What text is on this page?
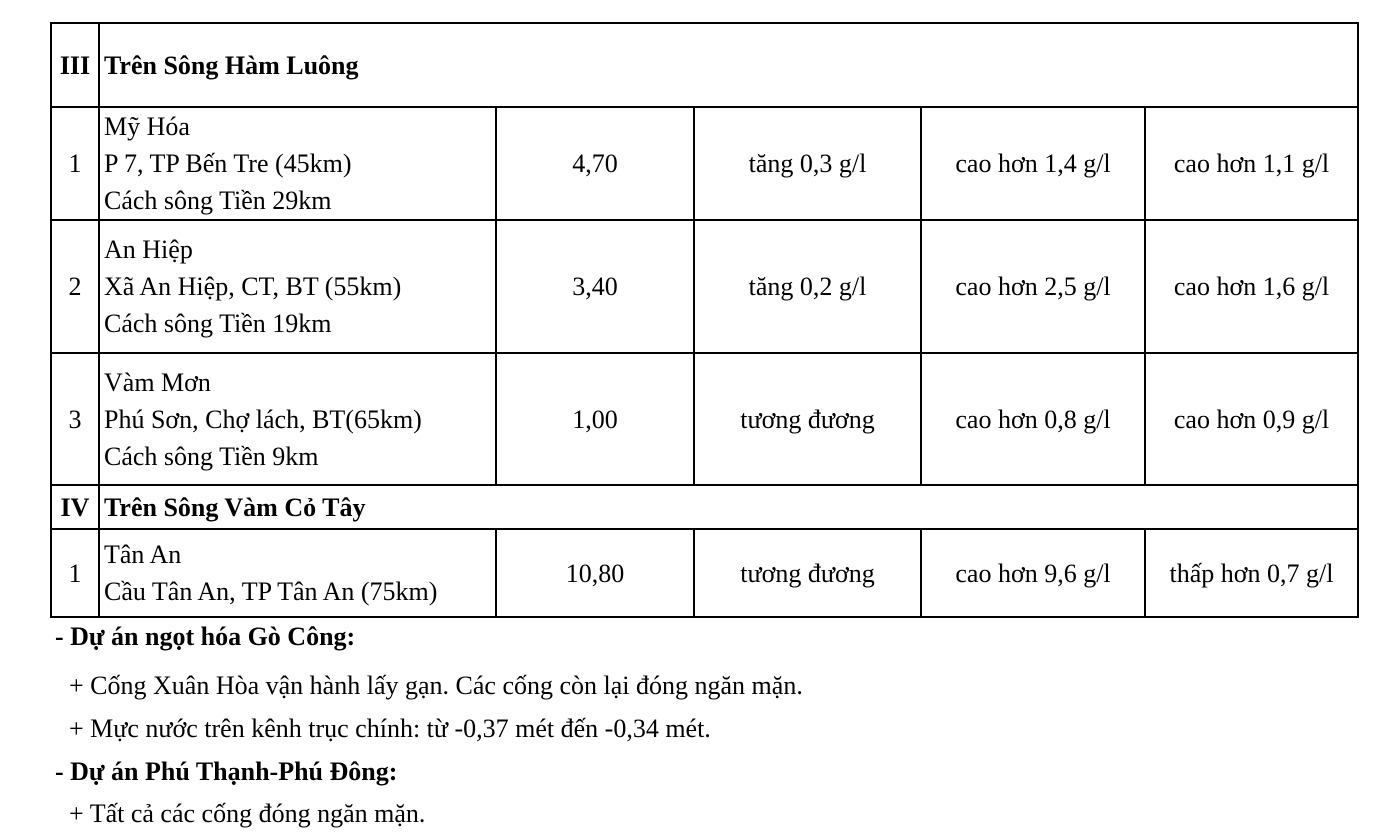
III	Trên Sông Hàm Luông				
1	Mỹ Hóa
P 7, TP Bến Tre (45km)
Cách sông Tiền 29km	4,70	tăng 0,3 g/l	cao hơn 1,4 g/l	cao hơn 1,1 g/l
2	An Hiệp
Xã An Hiệp, CT, BT (55km)
Cách sông Tiền 19km	3,40	tăng 0,2 g/l	cao hơn 2,5 g/l	cao hơn 1,6 g/l
3	Vàm Mơn
Phú Sơn, Chợ lách, BT(65km)
Cách sông Tiền 9km	1,00	tương đương	cao hơn 0,8 g/l	cao hơn 0,9 g/l
IV	Trên Sông Vàm Cỏ Tây				
1	Tân An
Cầu Tân An, TP Tân An (75km)	10,80	tương đương	cao hơn 9,6 g/l	thấp hơn 0,7 g/l
- Dự án ngọt hóa Gò Công:
+ Cống Xuân Hòa vận hành lấy gạn. Các cống còn lại đóng ngăn mặn.
+ Mực nước trên kênh trục chính: từ -0,37 mét đến -0,34 mét.
- Dự án Phú Thạnh-Phú Đông:
+ Tất cả các cống đóng ngăn mặn.
